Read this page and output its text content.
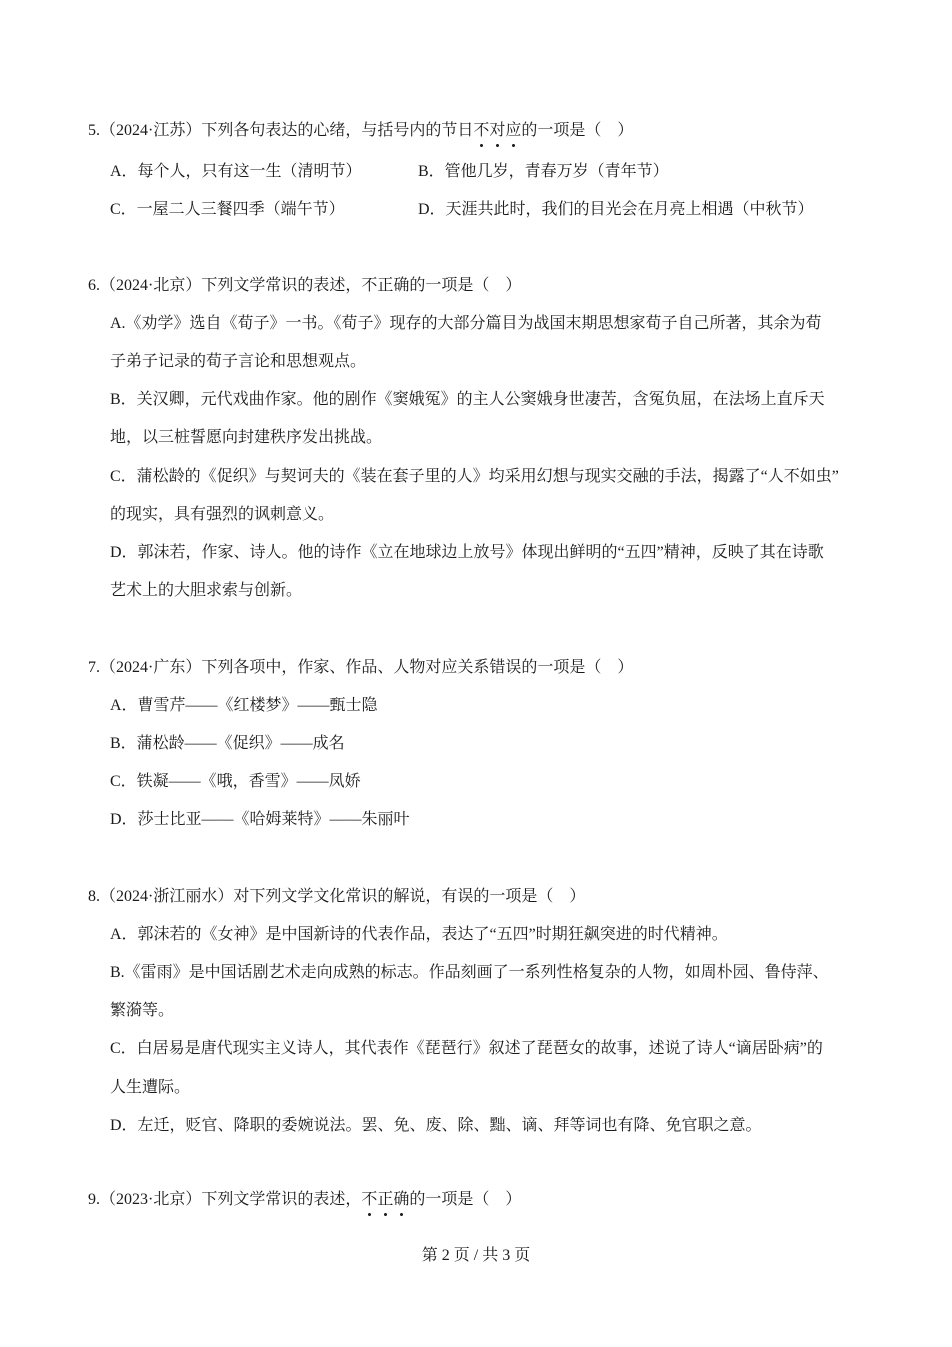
5.（2024·江苏）下列各句表达的心绪，与括号内的节日不对应的一项是（　）
A．每个人，只有这一生（清明节）	B．管他几岁，青春万岁（青年节）
C．一屋二人三餐四季（端午节）	D．天涯共此时，我们的目光会在月亮上相遇（中秋节）
6.（2024·北京）下列文学常识的表述，不正确的一项是（　）
A.《劝学》选自《荀子》一书。《荀子》现存的大部分篇目为战国末期思想家荀子自己所著，其余为荀
子弟子记录的荀子言论和思想观点。
B．关汉卿，元代戏曲作家。他的剧作《窦娥冤》的主人公窦娥身世凄苦，含冤负屈，在法场上直斥天
地，以三桩誓愿向封建秩序发出挑战。
C．蒲松龄的《促织》与契诃夫的《装在套子里的人》均采用幻想与现实交融的手法，揭露了“人不如虫”
的现实，具有强烈的讽刺意义。
D．郭沫若，作家、诗人。他的诗作《立在地球边上放号》体现出鲜明的“五四”精神，反映了其在诗歌
艺术上的大胆求索与创新。
7.（2024·广东）下列各项中，作家、作品、人物对应关系错误的一项是（　）
A．曹雪芹——《红楼梦》——甄士隐
B．蒲松龄——《促织》——成名
C．铁凝——《哦，香雪》——凤娇
D．莎士比亚——《哈姆莱特》——朱丽叶
8.（2024·浙江丽水）对下列文学文化常识的解说，有误的一项是（　）
A．郭沫若的《女神》是中国新诗的代表作品，表达了“五四”时期狂飙突进的时代精神。
B.《雷雨》是中国话剧艺术走向成熟的标志。作品刻画了一系列性格复杂的人物，如周朴园、鲁侍萍、
繁漪等。
C．白居易是唐代现实主义诗人，其代表作《琵琶行》叙述了琵琶女的故事，述说了诗人“谪居卧病”的
人生遭际。
D．左迁，贬官、降职的委婉说法。罢、免、废、除、黜、谪、拜等词也有降、免官职之意。
9.（2023·北京）下列文学常识的表述，不正确的一项是（　）
第 2 页 / 共 3 页
